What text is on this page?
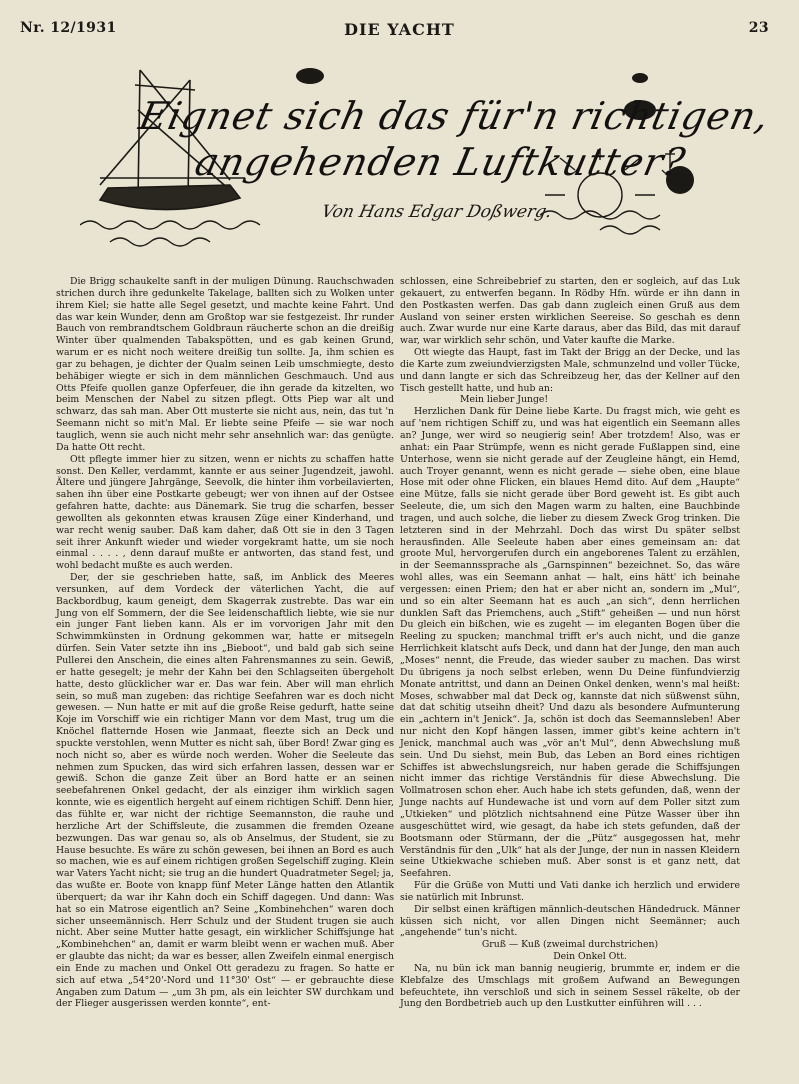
Nr. 12/1931	DIE YACHT	23
Eignet sich das für'n richtigen,
angehenden Luftkutter?
Von Hans Edgar Doßwerg.

Die Brigg schaukelte sanft in der muligen Dünung. Rauchschwaden strichen durch ihre gedunkelte Takelage, ballten sich zu Wolken unter ihrem Kiel; sie hatte alle Segel gesetzt, und machte keine Fahrt. Und das war kein Wunder, denn am Großtop war sie festgezeist. Ihr runder Bauch von rembrandtschem Goldbraun räucherte schon an die dreißig Winter über qualmenden Tabakspötten, und es gab keinen Grund, warum er es nicht noch weitere dreißig tun sollte. Ja, ihm schien es gar zu behagen, je dichter der Qualm seinen Leib umschmiegte, desto behäbiger wiegte er sich in dem männlichen Geschmauch. Und aus Otts Pfeife quollen ganze Opferfeuer, die ihn gerade da kitzelten, wo beim Menschen der Nabel zu sitzen pflegt. Otts Piep war alt und schwarz, das sah man. Aber Ott musterte sie nicht aus, nein, das tut 'n Seemann nicht so mit'n Mal. Er liebte seine Pfeife — sie war noch tauglich, wenn sie auch nicht mehr sehr ansehnlich war: das genügte. Da hatte Ott recht.

Ott pflegte immer hier zu sitzen, wenn er nichts zu schaffen hatte sonst. Den Keller, verdammt, kannte er aus seiner Jugendzeit, jawohl. Ältere und jüngere Jahrgänge, Seevolk, die hinter ihm vorbeilavierten, sahen ihn über eine Postkarte gebeugt; wer von ihnen auf der Ostsee gefahren hatte, dachte: aus Dänemark. Sie trug die scharfen, besser gewollten als gekonnten etwas krausen Züge einer Kinderhand, und war recht wenig sauber. Daß kam daher, daß Ott sie in den 3 Tagen seit ihrer Ankunft wieder und wieder vorgekramt hatte, um sie noch einmal . . . . , denn darauf mußte er antworten, das stand fest, und wohl bedacht mußte es auch werden.

Der, der sie geschrieben hatte, saß, im Anblick des Meeres versunken, auf dem Vordeck der väterlichen Yacht, die auf Backbordbug, kaum geneigt, dem Skagerrak zustrebte. Das war ein Jung von elf Sommern, der die See leidenschaftlich liebte, wie sie nur ein junger Fant lieben kann. Als er im vorvorigen Jahr mit den Schwimmkünsten in Ordnung gekommen war, hatte er mitsegeln dürfen. Sein Vater setzte ihn ins „Bieboot“, und bald gab sich seine Pullerei den Anschein, die eines alten Fahrensmannes zu sein. Gewiß, er hatte gesegelt; je mehr der Kahn bei den Schlagseiten übergeholt hatte, desto glücklicher war er. Das war fein. Aber will man ehrlich sein, so muß man zugeben: das richtige Seefahren war es doch nicht gewesen. — Nun hatte er mit auf die große Reise gedurft, hatte seine Koje im Vorschiff wie ein richtiger Mann vor dem Mast, trug um die Knöchel flatternde Hosen wie Janmaat, fleezte sich an Deck und spuckte verstohlen, wenn Mutter es nicht sah, über Bord! Zwar ging es noch nicht so, aber es würde noch werden. Woher die Seeleute das nehmen zum Spucken, das wird sich erfahren lassen, dessen war er gewiß. Schon die ganze Zeit über an Bord hatte er an seinen seebefahrenen Onkel gedacht, der als einziger ihm wirklich sagen konnte, wie es eigentlich hergeht auf einem richtigen Schiff. Denn hier, das fühlte er, war nicht der richtige Seemannston, die rauhe und herzliche Art der Schiffsleute, die zusammen die fremden Ozeane bezwungen. Das war genau so, als ob Anselmus, der Student, sie zu Hause besuchte. Es wäre zu schön gewesen, bei ihnen an Bord es auch so machen, wie es auf einem richtigen großen Segelschiff zuging. Klein war Vaters Yacht nicht; sie trug an die hundert Quadratmeter Segel; ja, das wußte er. Boote von knapp fünf Meter Länge hatten den Atlantik überquert; da war ihr Kahn doch ein Schiff dagegen. Und dann: Was hat so ein Matrose eigentlich an? Seine „Kombinehchen“ waren doch sicher unseemännisch. Herr Schulz und der Student trugen sie auch nicht. Aber seine Mutter hatte gesagt, ein wirklicher Schiffsjunge hat „Kombinehchen“ an, damit er warm bleibt wenn er wachen muß. Aber er glaubte das nicht; da war es besser, allen Zweifeln einmal energisch ein Ende zu machen und Onkel Ott geradezu zu fragen. So hatte er sich auf etwa „54°20'-Nord und 11°30' Ost“ — er gebrauchte diese Angaben zum Datum — „um 3h pm, als ein leichter SW durchkam und der Flieger ausgerissen werden konnte“, ent-

schlossen, eine Schreibebrief zu starten, den er sogleich, auf das Luk gekauert, zu entwerfen begann. In Rödby Hfn. würde er ihn dann in den Postkasten werfen. Das gab dann zugleich einen Gruß aus dem Ausland von seiner ersten wirklichen Seereise. So geschah es denn auch. Zwar wurde nur eine Karte daraus, aber das Bild, das mit darauf war, war wirklich sehr schön, und Vater kaufte die Marke.

Ott wiegte das Haupt, fast im Takt der Brigg an der Decke, und las die Karte zum zweiundvierzigsten Male, schmunzelnd und voller Tücke, und dann langte er sich das Schreibzeug her, das der Kellner auf den Tisch gestellt hatte, und hub an:

Mein lieber Junge!

Herzlichen Dank für Deine liebe Karte. Du fragst mich, wie geht es auf 'nem richtigen Schiff zu, und was hat eigentlich ein Seemann alles an? Junge, wer wird so neugierig sein! Aber trotzdem! Also, was er anhat: ein Paar Strümpfe, wenn es nicht gerade Fußlappen sind, eine Unterhose, wenn sie nicht gerade auf der Zeugleine hängt, ein Hemd, auch Troyer genannt, wenn es nicht gerade — siehe oben, eine blaue Hose mit oder ohne Flicken, ein blaues Hemd dito. Auf dem „Haupte“ eine Mütze, falls sie nicht gerade über Bord geweht ist. Es gibt auch Seeleute, die, um sich den Magen warm zu halten, eine Bauchbinde tragen, und auch solche, die lieber zu diesem Zweck Grog trinken. Die letzteren sind in der Mehrzahl. Doch das wirst Du später selbst herausfinden. Alle Seeleute haben aber eines gemeinsam an: dat groote Mul, hervorgerufen durch ein angeborenes Talent zu erzählen, in der Seemannssprache als „Garnspinnen“ bezeichnet. So, das wäre wohl alles, was ein Seemann anhat — halt, eins hätt' ich beinahe vergessen: einen Priem; den hat er aber nicht an, sondern im „Mul“, und so ein alter Seemann hat es auch „an sich“, denn herrlichen dunklen Saft das Priemchens, auch „Stift“ geheißen — und nun hörst Du gleich ein bißchen, wie es zugeht — im eleganten Bogen über die Reeling zu spucken; manchmal trifft er's auch nicht, und die ganze Herrlichkeit klatscht aufs Deck, und dann hat der Junge, den man auch „Moses“ nennt, die Freude, das wieder sauber zu machen. Das wirst Du übrigens ja noch selbst erleben, wenn Du Deine fünfundvierzig Monate antrittst, und dann an Deinen Onkel denken, wenn's mal heißt: Moses, schwabber mal dat Deck og, kannste dat nich süßwenst sühn, dat dat schitig utseihn dheit? Und dazu als besondere Aufmunterung ein „achtern in't Jenick“. Ja, schön ist doch das Seemannsleben! Aber nur nicht den Kopf hängen lassen, immer gibt's keine achtern in't Jenick, manchmal auch was „vör an't Mul“, denn Abwechslung muß sein. Und Du siehst, mein Bub, das Leben an Bord eines richtigen Schiffes ist abwechslungsreich, nur haben gerade die Schiffsjungen nicht immer das richtige Verständnis für diese Abwechslung. Die Vollmatrosen schon eher. Auch habe ich stets gefunden, daß, wenn der Junge nachts auf Hundewache ist und vorn auf dem Poller sitzt zum „Utkieken“ und plötzlich nichtsahnend eine Pütze Wasser über ihn ausgeschüttet wird, wie gesagt, da habe ich stets gefunden, daß der Bootsmann oder Stürmann, der die „Pütz“ ausgegossen hat, mehr Verständnis für den „Ulk“ hat als der Junge, der nun in nassen Kleidern seine Utkiekwache schieben muß. Aber sonst is et ganz nett, dat Seefahren.

Für die Grüße von Mutti und Vati danke ich herzlich und erwidere sie natürlich mit Inbrunst.

Dir selbst einen kräftigen männlich-deutschen Händedruck. Männer küssen sich nicht, vor allen Dingen nicht Seemänner; auch „angehende“ tun's nicht.

Gruß — Kuß (zweimal durchstrichen)

Dein Onkel Ott.

Na, nu bün ick man bannig neugierig, brummte er, indem er die Klebfalze des Umschlags mit großem Aufwand an Bewegungen befeuchtete, ihn verschloß und sich in seinem Sessel räkelte, ob der Jung den Bordbetrieb auch up den Lustkutter einführen will . . .
